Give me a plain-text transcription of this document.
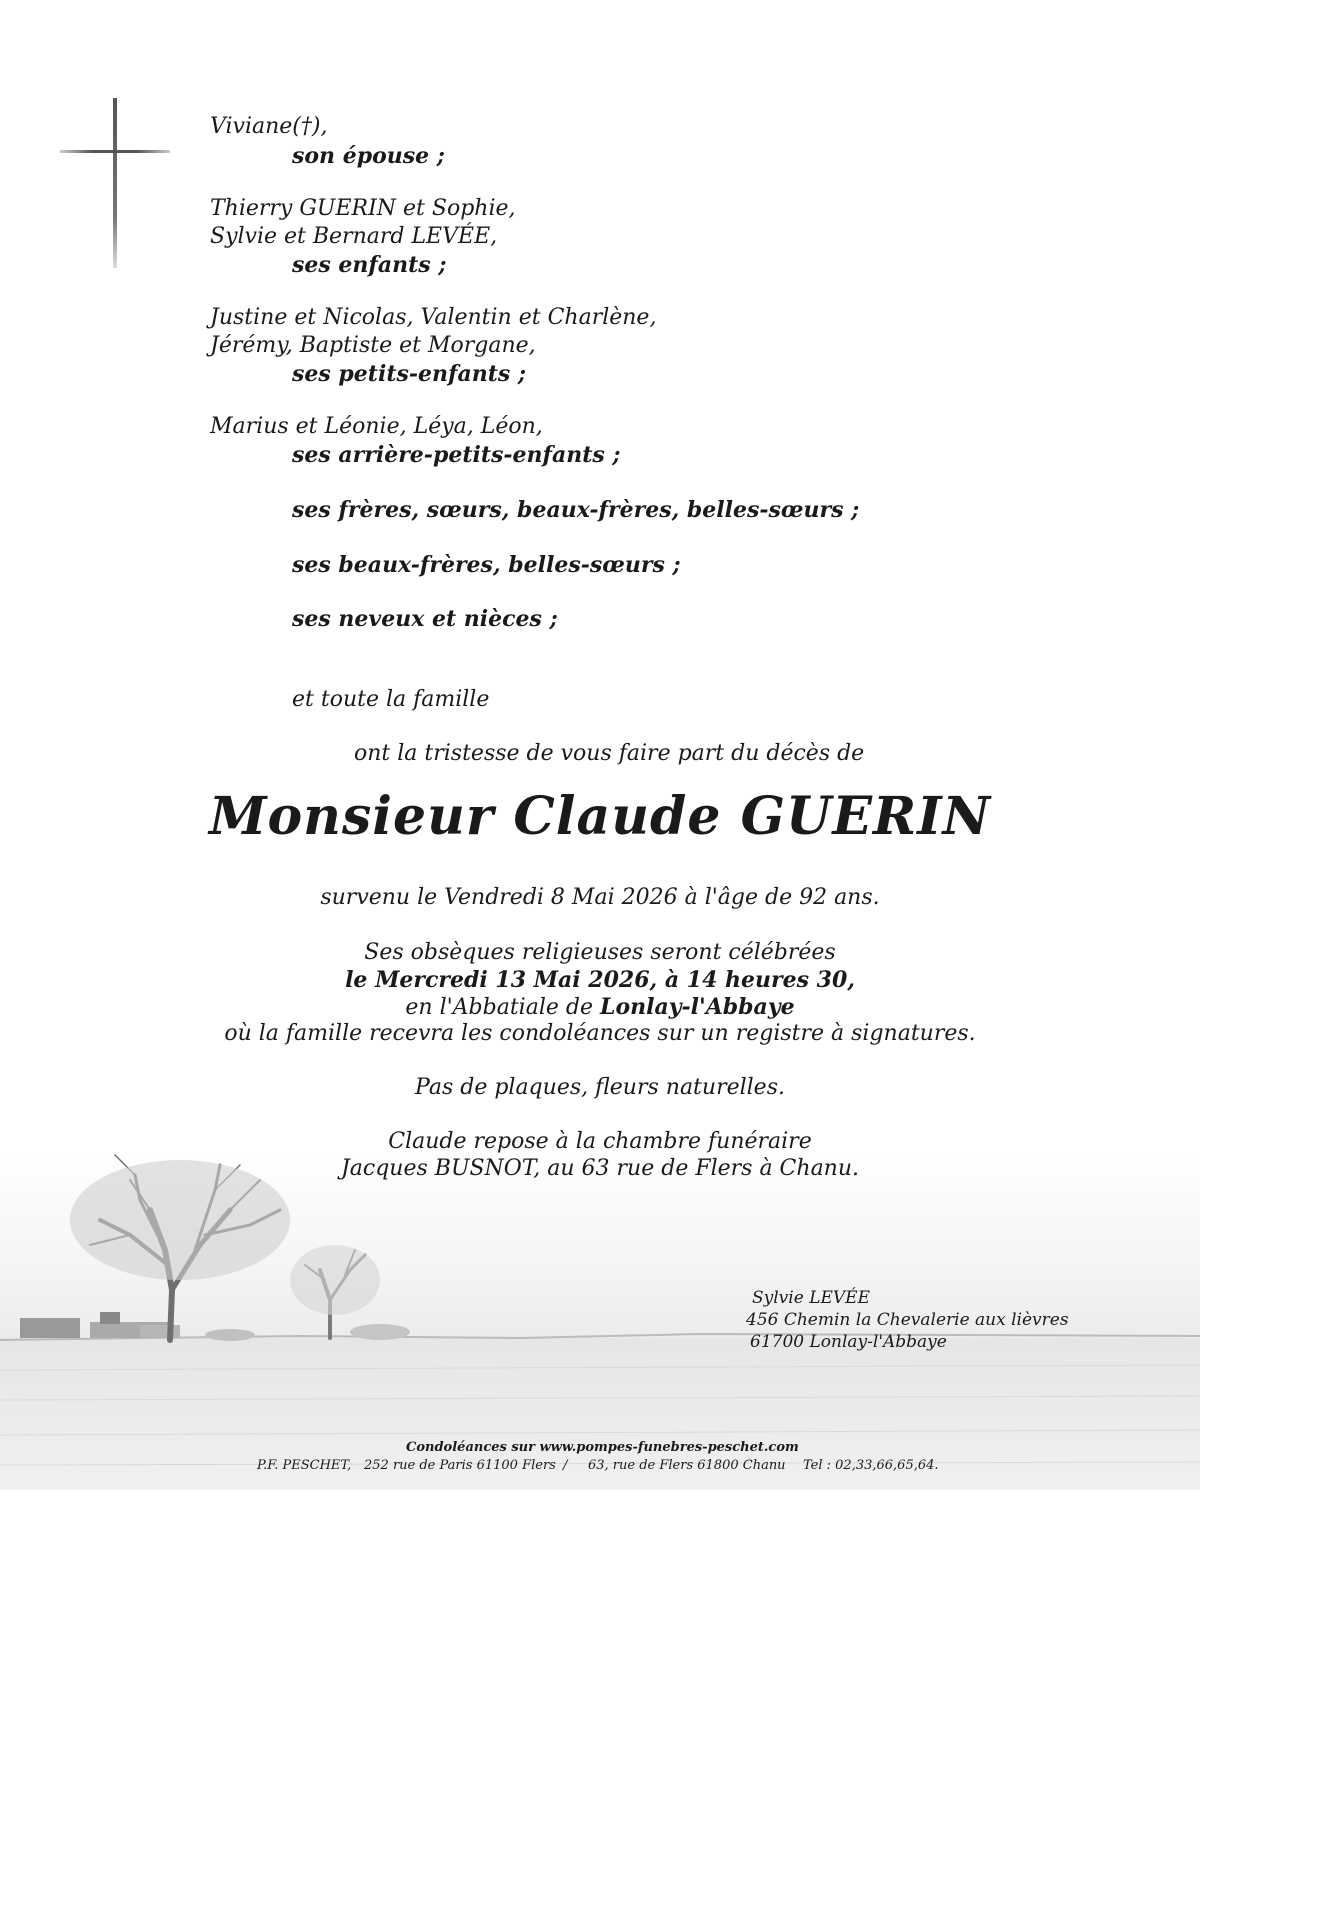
Viviane(†),
son épouse ;
Thierry GUERIN et Sophie,
Sylvie et Bernard LEVÉE,
ses enfants ;
Justine et Nicolas, Valentin et Charlène,
Jérémy, Baptiste et Morgane,
ses petits-enfants ;
Marius et Léonie, Léya, Léon,
ses arrière-petits-enfants ;
ses frères, sœurs, beaux-frères, belles-sœurs ;
ses beaux-frères, belles-sœurs ;
ses neveux et nièces ;
et toute la famille
ont la tristesse de vous faire part du décès de
Monsieur Claude GUERIN
survenu le Vendredi 8 Mai 2026 à l'âge de 92 ans.
Ses obsèques religieuses seront célébrées
le Mercredi 13 Mai 2026, à 14 heures 30,
en l'Abbatiale de Lonlay-l'Abbaye
où la famille recevra les condoléances sur un registre à signatures.
Pas de plaques, fleurs naturelles.
Claude repose à la chambre funéraire
Jacques BUSNOT, au 63 rue de Flers à Chanu.
Sylvie LEVÉE
456 Chemin la Chevalerie aux lièvres
61700 Lonlay-l'Abbaye
Condoléances sur www.pompes-funebres-peschet.com
P.F. PESCHET, 252 rue de Paris 61100 Flers / 63, rue de Flers 61800 Chanu Tel : 02,33,66,65,64.
